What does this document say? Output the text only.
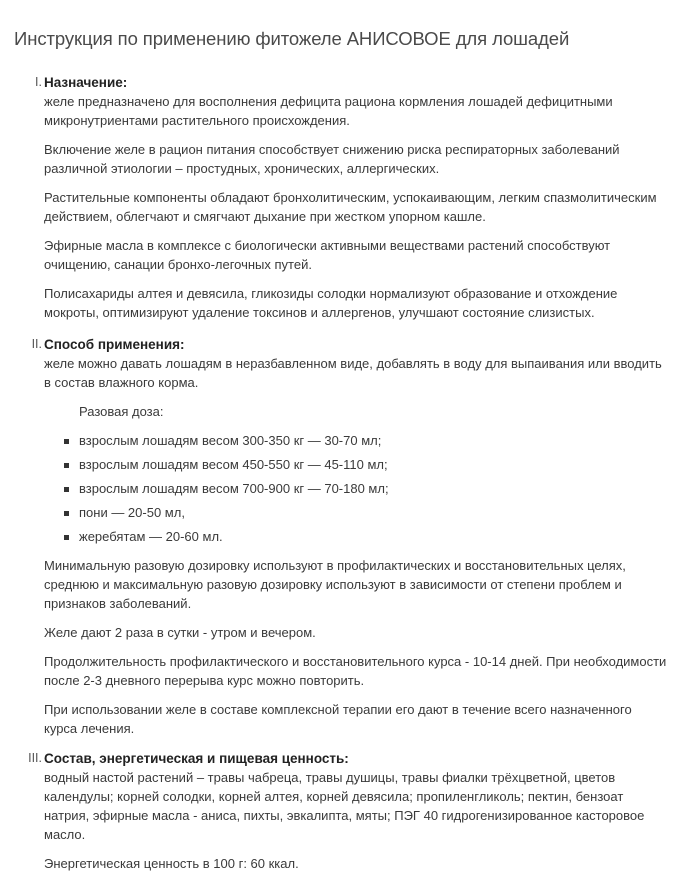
Инструкция по применению фитожеле АНИСОВОЕ для лошадей
I. Назначение:

желе предназначено для восполнения дефицита рациона кормления лошадей дефицитными микронутриентами растительного происхождения.

Включение желе в рацион питания способствует снижению риска респираторных заболеваний различной этиологии – простудных, хронических, аллергических.

Растительные компоненты обладают бронхолитическим, успокаивающим, легким спазмолитическим действием, облегчают и смягчают дыхание при жестком упорном кашле.

Эфирные масла в комплексе с биологически активными веществами растений способствуют очищению, санации бронхо-легочных путей.

Полисахариды алтея и девясила, гликозиды солодки нормализуют образование и отхождение мокроты, оптимизируют удаление токсинов и аллергенов, улучшают состояние слизистых.

II. Способ применения:

желе можно давать лошадям в неразбавленном виде, добавлять в воду для выпаивания или вводить в состав влажного корма.

Разовая доза:

взрослым лошадям весом 300-350 кг — 30-70 мл;
взрослым лошадям весом 450-550 кг — 45-110 мл;
взрослым лошадям весом 700-900 кг — 70-180 мл;
пони — 20-50 мл,
жеребятам — 20-60 мл.

Минимальную разовую дозировку используют в профилактических и восстановительных целях, среднюю и максимальную разовую дозировку используют в зависимости от степени проблем и признаков заболеваний.

Желе дают 2 раза в сутки - утром и вечером.

Продолжительность профилактического и восстановительного курса - 10-14 дней. При необходимости после 2-3 дневного перерыва курс можно повторить.

При использовании желе в составе комплексной терапии его дают в течение всего назначенного курса лечения.

III. Состав, энергетическая и пищевая ценность:

водный настой растений – травы чабреца, травы душицы, травы фиалки трёхцветной, цветов календулы; корней солодки, корней алтея, корней девясила; пропиленгликоль; пектин, бензоат натрия, эфирные масла - аниса, пихты, эвкалипта, мяты; ПЭГ 40 гидрогенизированное касторовое масло.

Энергетическая ценность в 100 г: 60 ккал.
